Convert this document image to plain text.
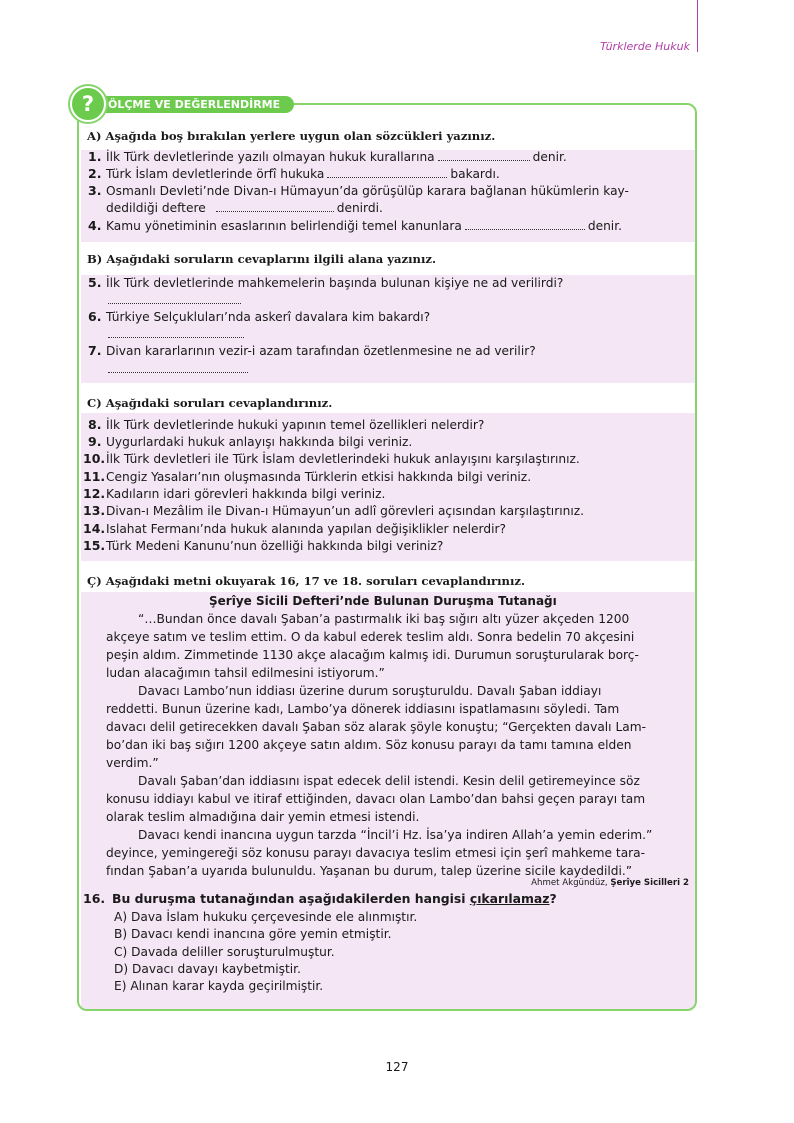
Türklerde Hukuk
A) Aşağıda boş bırakılan yerlere uygun olan sözcükleri yazınız.
1. İlk Türk devletlerinde yazılı olmayan hukuk kurallarına	denir.
2. Türk İslam devletlerinde örfî hukuka	bakardı.
3. Osmanlı Devleti’nde Divan-ı Hümayun’da görüşülüp karara bağlanan hükümlerin kay-
dedildiği deftere	denirdi.
4. Kamu yönetiminin esaslarının belirlendiği temel kanunlara	denir.
B) Aşağıdaki soruların cevaplarını ilgili alana yazınız.
5. İlk Türk devletlerinde mahkemelerin başında bulunan kişiye ne ad verilirdi?
6. Türkiye Selçukluları’nda askerî davalara kim bakardı?
7. Divan kararlarının vezir-i azam tarafından özetlenmesine ne ad verilir?
C) Aşağıdaki soruları cevaplandırınız.
8. İlk Türk devletlerinde hukuki yapının temel özellikleri nelerdir?
9. Uygurlardaki hukuk anlayışı hakkında bilgi veriniz.
10. İlk Türk devletleri ile Türk İslam devletlerindeki hukuk anlayışını karşılaştırınız.
11. Cengiz Yasaları’nın oluşmasında Türklerin etkisi hakkında bilgi veriniz.
12. Kadıların idari görevleri hakkında bilgi veriniz.
13. Divan-ı Mezâlim ile Divan-ı Hümayun’un adlî görevleri açısından karşılaştırınız.
14. Islahat Fermanı’nda hukuk alanında yapılan değişiklikler nelerdir?
15. Türk Medeni Kanunu’nun özelliği hakkında bilgi veriniz?
Ç) Aşağıdaki metni okuyarak 16, 17 ve 18. soruları cevaplandırınız.
Şerîye Sicili Defteri’nde Bulunan Duruşma Tutanağı
“…Bundan önce davalı Şaban’a pastırmalık iki baş sığırı altı yüzer akçeden 1200
akçeye satım ve teslim ettim. O da kabul ederek teslim aldı. Sonra bedelin 70 akçesini
peşin aldım. Zimmetinde 1130 akçe alacağım kalmış idi. Durumun soruşturularak borç-
ludan alacağımın tahsil edilmesini istiyorum.”
Davacı Lambo’nun iddiası üzerine durum soruşturuldu. Davalı Şaban iddiayı
reddetti. Bunun üzerine kadı, Lambo’ya dönerek iddiasını ispatlamasını söyledi. Tam
davacı delil getirecekken davalı Şaban söz alarak şöyle konuştu; “Gerçekten davalı Lam-
bo’dan iki baş sığırı 1200 akçeye satın aldım. Söz konusu parayı da tamı tamına elden
verdim.”
Davalı Şaban’dan iddiasını ispat edecek delil istendi. Kesin delil getiremeyince söz
konusu iddiayı kabul ve itiraf ettiğinden, davacı olan Lambo’dan bahsi geçen parayı tam
olarak teslim almadığına dair yemin etmesi istendi.
Davacı kendi inancına uygun tarzda “İncil’i Hz. İsa’ya indiren Allah’a yemin ederim.”
deyince, yemingereği söz konusu parayı davacıya teslim etmesi için şerî mahkeme tara-
fından Şaban’a uyarıda bulunuldu. Yaşanan bu durum, talep üzerine sicile kaydedildi.”
Ahmet Akgündüz, Şerîye Sicilleri 2
16. Bu duruşma tutanağından aşağıdakilerden hangisi çıkarılamaz?
A) Dava İslam hukuku çerçevesinde ele alınmıştır.
B) Davacı kendi inancına göre yemin etmiştir.
C) Davada deliller soruşturulmuştur.
D) Davacı davayı kaybetmiştir.
E) Alınan karar kayda geçirilmiştir.
?	ÖLÇME VE DEĞERLENDİRME
127
